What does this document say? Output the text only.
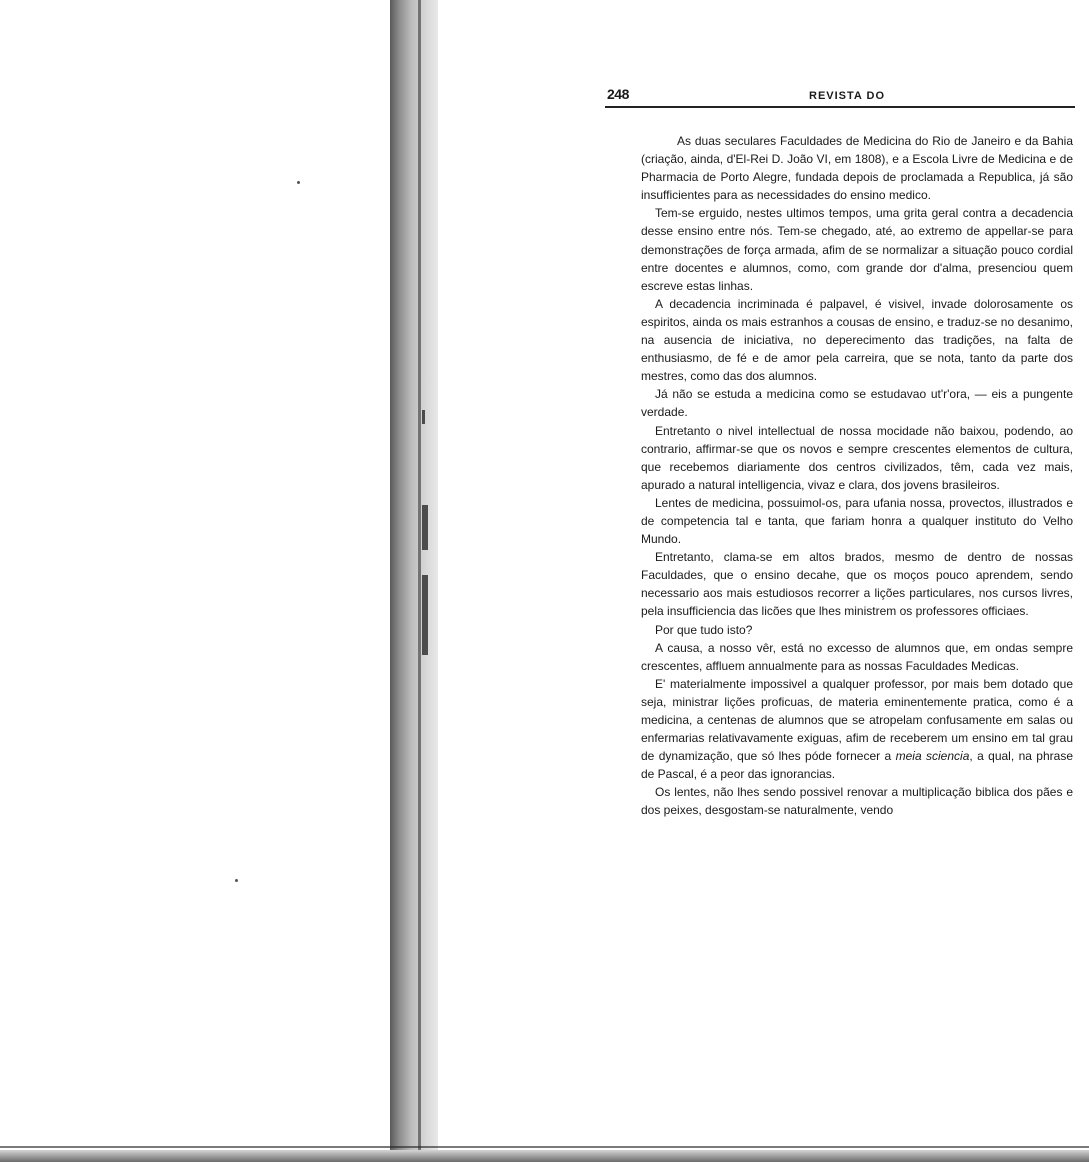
248	REVISTA DO

As duas seculares Faculdades de Medicina do Rio de Janeiro e da Bahia (criação, ainda, d'El-Rei D. João VI, em 1808), e a Escola Livre de Medicina e de Pharmacia de Porto Alegre, fundada depois de proclamada a Republica, já são insufficientes para as necessidades do ensino medico.

Tem-se erguido, nestes ultimos tempos, uma grita geral contra a decadencia desse ensino entre nós. Tem-se chegado, até, ao extremo de appellar-se para demonstrações de força armada, afim de se normalizar a situação pouco cordial entre docentes e alumnos, como, com grande dor d'alma, presenciou quem escreve estas linhas.

A decadencia incriminada é palpavel, é visivel, invade dolorosamente os espiritos, ainda os mais estranhos a cousas de ensino, e traduz-se no desanimo, na ausencia de iniciativa, no deperecimento das tradições, na falta de enthusiasmo, de fé e de amor pela carreira, que se nota, tanto da parte dos mestres, como das dos alumnos.

Já não se estuda a medicina como se estudavao ut'r'ora, — eis a pungente verdade.

Entretanto o nivel intellectual de nossa mocidade não baixou, podendo, ao contrario, affirmar-se que os novos e sempre crescentes elementos de cultura, que recebemos diariamente dos centros civilizados, têm, cada vez mais, apurado a natural intelligencia, vivaz e clara, dos jovens brasileiros.

Lentes de medicina, possuimol-os, para ufania nossa, provectos, illustrados e de competencia tal e tanta, que fariam honra a qualquer instituto do Velho Mundo.

Entretanto, clama-se em altos brados, mesmo de dentro de nossas Faculdades, que o ensino decahe, que os moços pouco aprendem, sendo necessario aos mais estudiosos recorrer a lições particulares, nos cursos livres, pela insufficiencia das licões que lhes ministrem os professores officiaes.

Por que tudo isto?

A causa, a nosso vêr, está no excesso de alumnos que, em ondas sempre crescentes, affluem annualmente para as nossas Faculdades Medicas.

E' materialmente impossivel a qualquer professor, por mais bem dotado que seja, ministrar lições proficuas, de materia eminentemente pratica, como é a medicina, a centenas de alumnos que se atropelam confusamente em salas ou enfermarias relativavamente exiguas, afim de receberem um ensino em tal grau de dynamização, que só lhes póde fornecer a meia sciencia, a qual, na phrase de Pascal, é a peor das ignorancias.

Os lentes, não lhes sendo possivel renovar a multiplicação biblica dos pães e dos peixes, desgostam-se naturalmente, vendo
